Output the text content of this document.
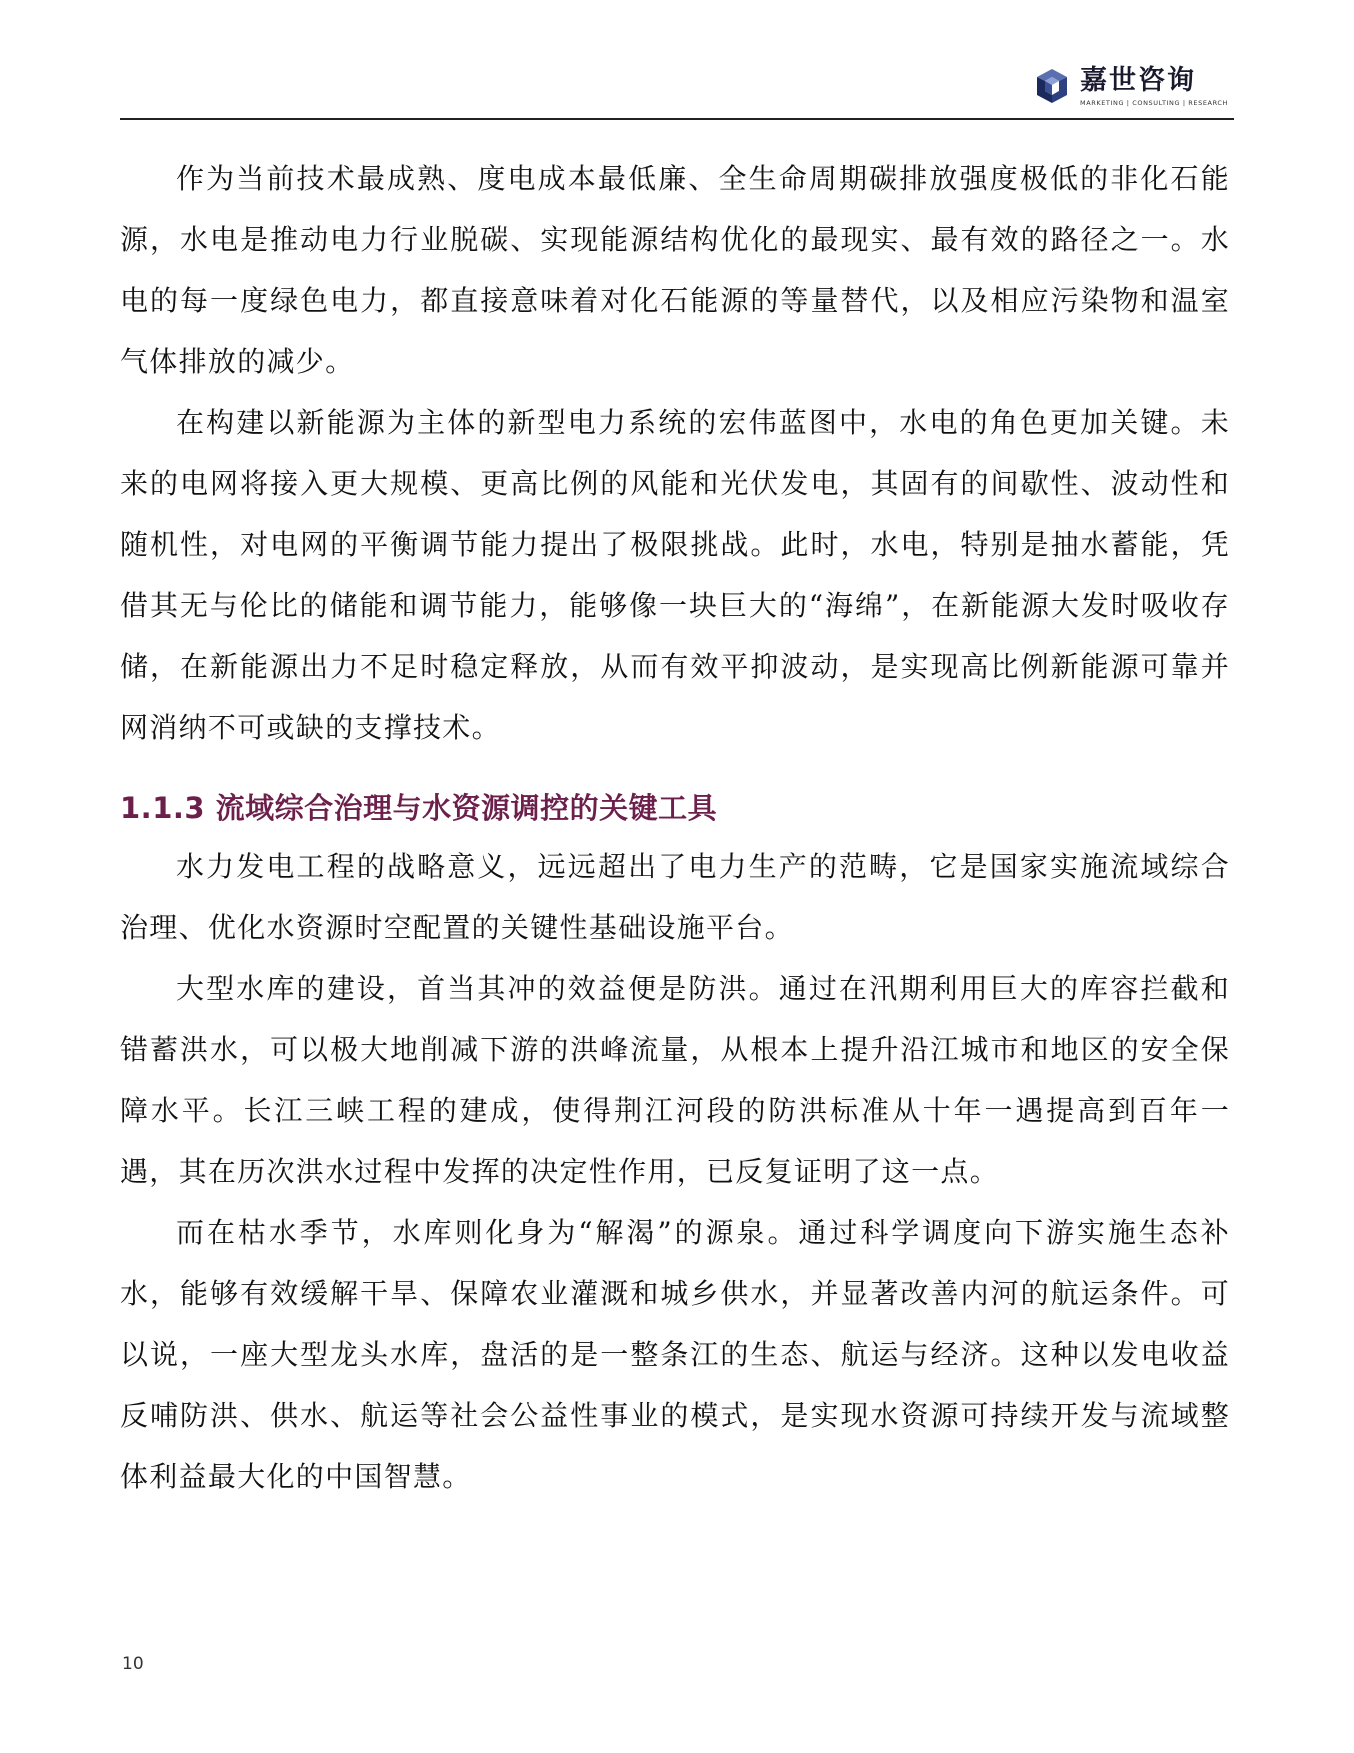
嘉世咨询
MARKETING | CONSULTING | RESEARCH

作为当前技术最成熟、度电成本最低廉、全生命周期碳排放强度极低的非化石能源，水电是推动电力行业脱碳、实现能源结构优化的最现实、最有效的路径之一。水电的每一度绿色电力，都直接意味着对化石能源的等量替代，以及相应污染物和温室气体排放的减少。

在构建以新能源为主体的新型电力系统的宏伟蓝图中，水电的角色更加关键。未来的电网将接入更大规模、更高比例的风能和光伏发电，其固有的间歇性、波动性和随机性，对电网的平衡调节能力提出了极限挑战。此时，水电，特别是抽水蓄能，凭借其无与伦比的储能和调节能力，能够像一块巨大的“海绵”，在新能源大发时吸收存储，在新能源出力不足时稳定释放，从而有效平抑波动，是实现高比例新能源可靠并网消纳不可或缺的支撑技术。

1.1.3 流域综合治理与水资源调控的关键工具

水力发电工程的战略意义，远远超出了电力生产的范畴，它是国家实施流域综合治理、优化水资源时空配置的关键性基础设施平台。

大型水库的建设，首当其冲的效益便是防洪。通过在汛期利用巨大的库容拦截和错蓄洪水，可以极大地削减下游的洪峰流量，从根本上提升沿江城市和地区的安全保障水平。长江三峡工程的建成，使得荆江河段的防洪标准从十年一遇提高到百年一遇，其在历次洪水过程中发挥的决定性作用，已反复证明了这一点。

而在枯水季节，水库则化身为“解渴”的源泉。通过科学调度向下游实施生态补水，能够有效缓解干旱、保障农业灌溉和城乡供水，并显著改善内河的航运条件。可以说，一座大型龙头水库，盘活的是一整条江的生态、航运与经济。这种以发电收益反哺防洪、供水、航运等社会公益性事业的模式，是实现水资源可持续开发与流域整体利益最大化的中国智慧。

10
